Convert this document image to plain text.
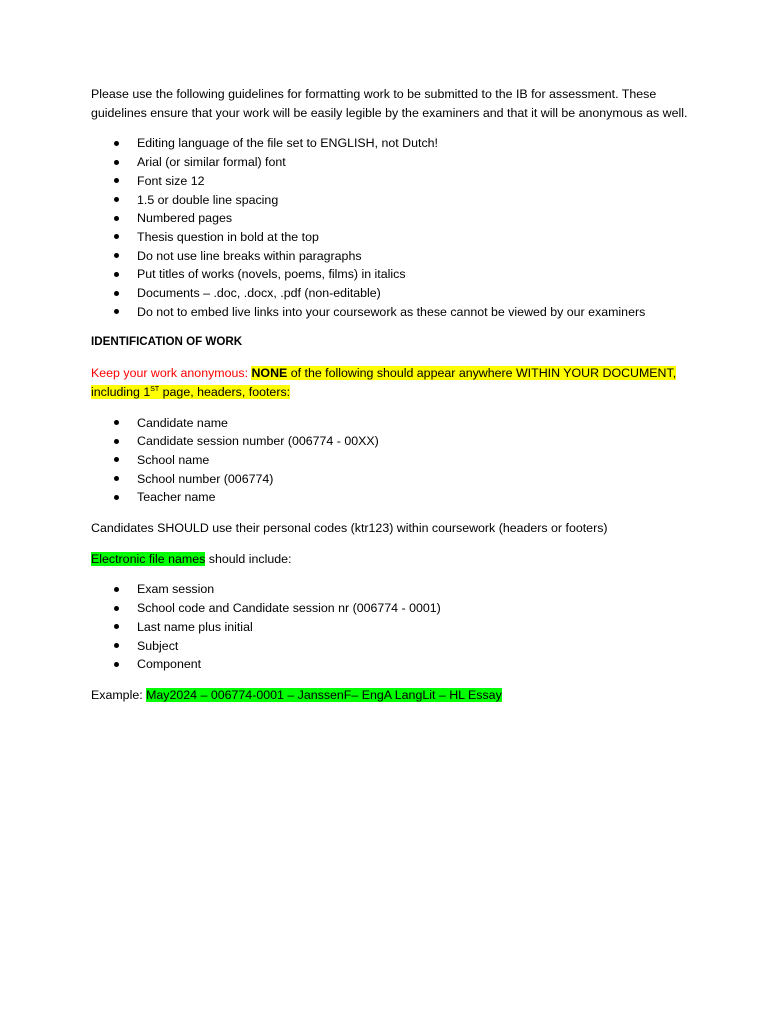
Please use the following guidelines for formatting work to be submitted to the IB for assessment. These guidelines ensure that your work will be easily legible by the examiners and that it will be anonymous as well.

Editing language of the file set to ENGLISH, not Dutch!
Arial (or similar formal) font
Font size 12
1.5 or double line spacing
Numbered pages
Thesis question in bold at the top
Do not use line breaks within paragraphs
Put titles of works (novels, poems, films) in italics
Documents – .doc, .docx, .pdf (non-editable)
Do not to embed live links into your coursework as these cannot be viewed by our examiners

IDENTIFICATION OF WORK

Keep your work anonymous: NONE of the following should appear anywhere WITHIN YOUR DOCUMENT, including 1ST page, headers, footers:

Candidate name
Candidate session number (006774 - 00XX)
School name
School number (006774)
Teacher name

Candidates SHOULD use their personal codes (ktr123) within coursework (headers or footers)

Electronic file names should include:

Exam session
School code and Candidate session nr (006774 - 0001)
Last name plus initial
Subject
Component

Example: May2024 – 006774-0001 – JanssenF– EngA LangLit – HL Essay
